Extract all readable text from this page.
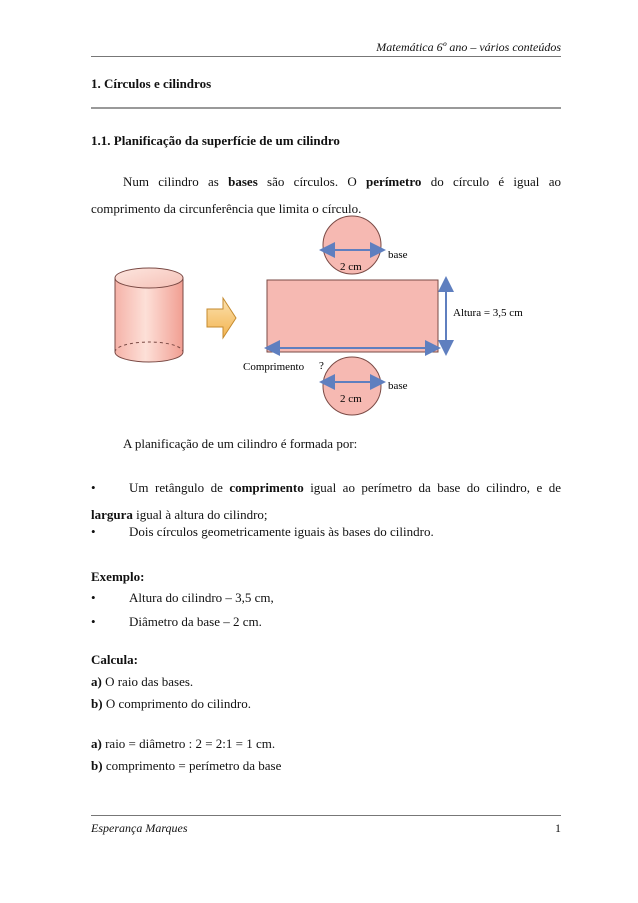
Matemática 6º ano – vários conteúdos
1. Círculos e cilindros
1.1. Planificação da superfície de um cilindro
Num cilindro as bases são círculos. O perímetro do círculo é igual ao comprimento da circunferência que limita o círculo.
2 cm
base
Altura = 3,5 cm
Comprimento ?
2 cm
base
A planificação de um cilindro é formada por:
•	Um retângulo de comprimento igual ao perímetro da base do cilindro, e de largura igual à altura do cilindro;
•	Dois círculos geometricamente iguais às bases do cilindro.
Exemplo:
•	Altura do cilindro – 3,5 cm,
•	Diâmetro da base – 2 cm.
Calcula:
a) O raio das bases.
b) O comprimento do cilindro.
a) raio = diâmetro : 2 = 2:1 = 1 cm.
b) comprimento = perímetro da base
Esperança Marques	1
